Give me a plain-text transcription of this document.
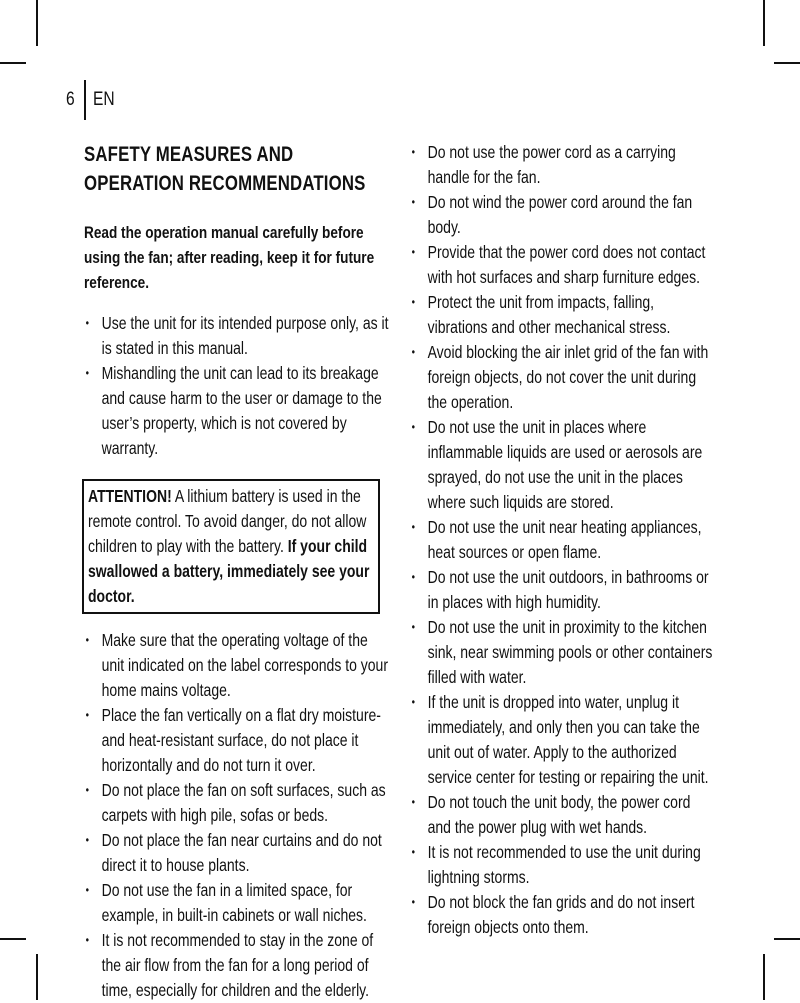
6 EN
SAFETY MEASURES AND OPERATION RECOMMENDATIONS

Read the operation manual carefully before using the fan; after reading, keep it for future reference.

• Use the unit for its intended purpose only, as it is stated in this manual.
• Mishandling the unit can lead to its breakage and cause harm to the user or damage to the user’s property, which is not covered by warranty.
ATTENTION! A lithium battery is used in the remote control. To avoid danger, do not allow children to play with the battery. If your child swallowed a battery, immediately see your doctor.
• Make sure that the operating voltage of the unit indicated on the label corresponds to your home mains voltage.
• Place the fan vertically on a flat dry moisture- and heat-resistant surface, do not place it horizontally and do not turn it over.
• Do not place the fan on soft surfaces, such as carpets with high pile, sofas or beds.
• Do not place the fan near curtains and do not direct it to house plants.
• Do not use the fan in a limited space, for example, in built-in cabinets or wall niches.
• It is not recommended to stay in the zone of the air flow from the fan for a long period of time, especially for children and the elderly.
• Do not use the power cord as a carrying handle for the fan.
• Do not wind the power cord around the fan body.
• Provide that the power cord does not contact with hot surfaces and sharp furniture edges.
• Protect the unit from impacts, falling, vibrations and other mechanical stress.
• Avoid blocking the air inlet grid of the fan with foreign objects, do not cover the unit during the operation.
• Do not use the unit in places where inflammable liquids are used or aerosols are sprayed, do not use the unit in the places where such liquids are stored.
• Do not use the unit near heating appliances, heat sources or open flame.
• Do not use the unit outdoors, in bathrooms or in places with high humidity.
• Do not use the unit in proximity to the kitchen sink, near swimming pools or other containers filled with water.
• If the unit is dropped into water, unplug it immediately, and only then you can take the unit out of water. Apply to the authorized service center for testing or repairing the unit.
• Do not touch the unit body, the power cord and the power plug with wet hands.
• It is not recommended to use the unit during lightning storms.
• Do not block the fan grids and do not insert foreign objects onto them.
